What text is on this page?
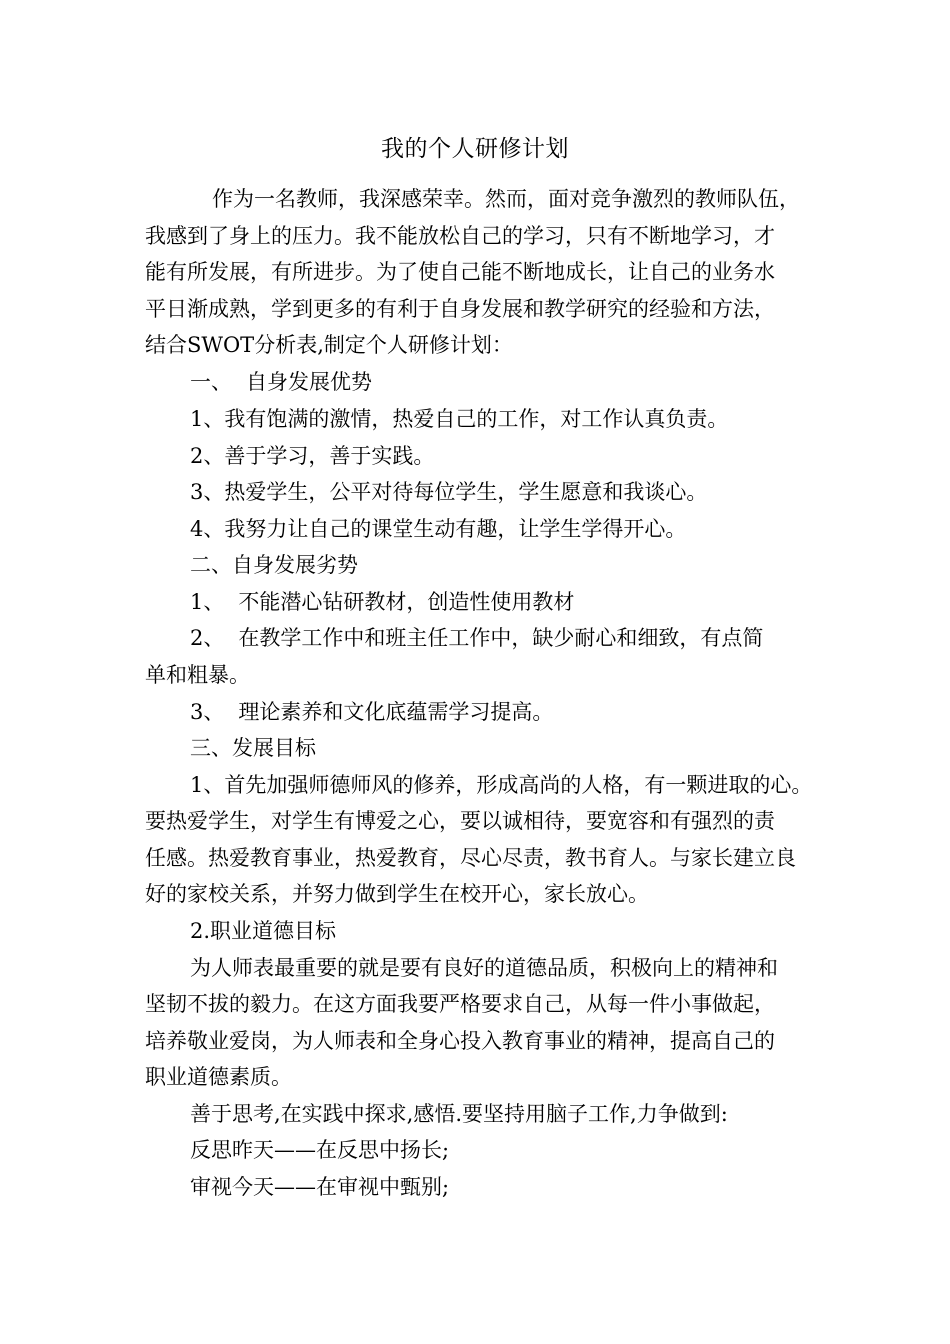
我的个人研修计划
作为一名教师，我深感荣幸。然而，面对竞争激烈的教师队伍，
我感到了身上的压力。我不能放松自己的学习，只有不断地学习，才
能有所发展，有所进步。为了使自己能不断地成长，让自己的业务水
平日渐成熟，学到更多的有利于自身发展和教学研究的经验和方法，
结合SWOT分析表,制定个人研修计划：
一、 自身发展优势
1、我有饱满的激情，热爱自己的工作，对工作认真负责。
2、善于学习，善于实践。
3、热爱学生，公平对待每位学生，学生愿意和我谈心。
4、我努力让自己的课堂生动有趣，让学生学得开心。
二、自身发展劣势
1、 不能潜心钻研教材，创造性使用教材
2、 在教学工作中和班主任工作中，缺少耐心和细致，有点简
单和粗暴。
3、 理论素养和文化底蕴需学习提高。
三、发展目标
1、首先加强师德师风的修养，形成高尚的人格，有一颗进取的心。
要热爱学生，对学生有博爱之心，要以诚相待，要宽容和有强烈的责
任感。热爱教育事业，热爱教育，尽心尽责，教书育人。与家长建立良
好的家校关系，并努力做到学生在校开心，家长放心。
2.职业道德目标
为人师表最重要的就是要有良好的道德品质，积极向上的精神和
坚韧不拔的毅力。在这方面我要严格要求自己，从每一件小事做起，
培养敬业爱岗，为人师表和全身心投入教育事业的精神，提高自己的
职业道德素质。
善于思考,在实践中探求,感悟.要坚持用脑子工作,力争做到:
反思昨天——在反思中扬长;
审视今天——在审视中甄别;
